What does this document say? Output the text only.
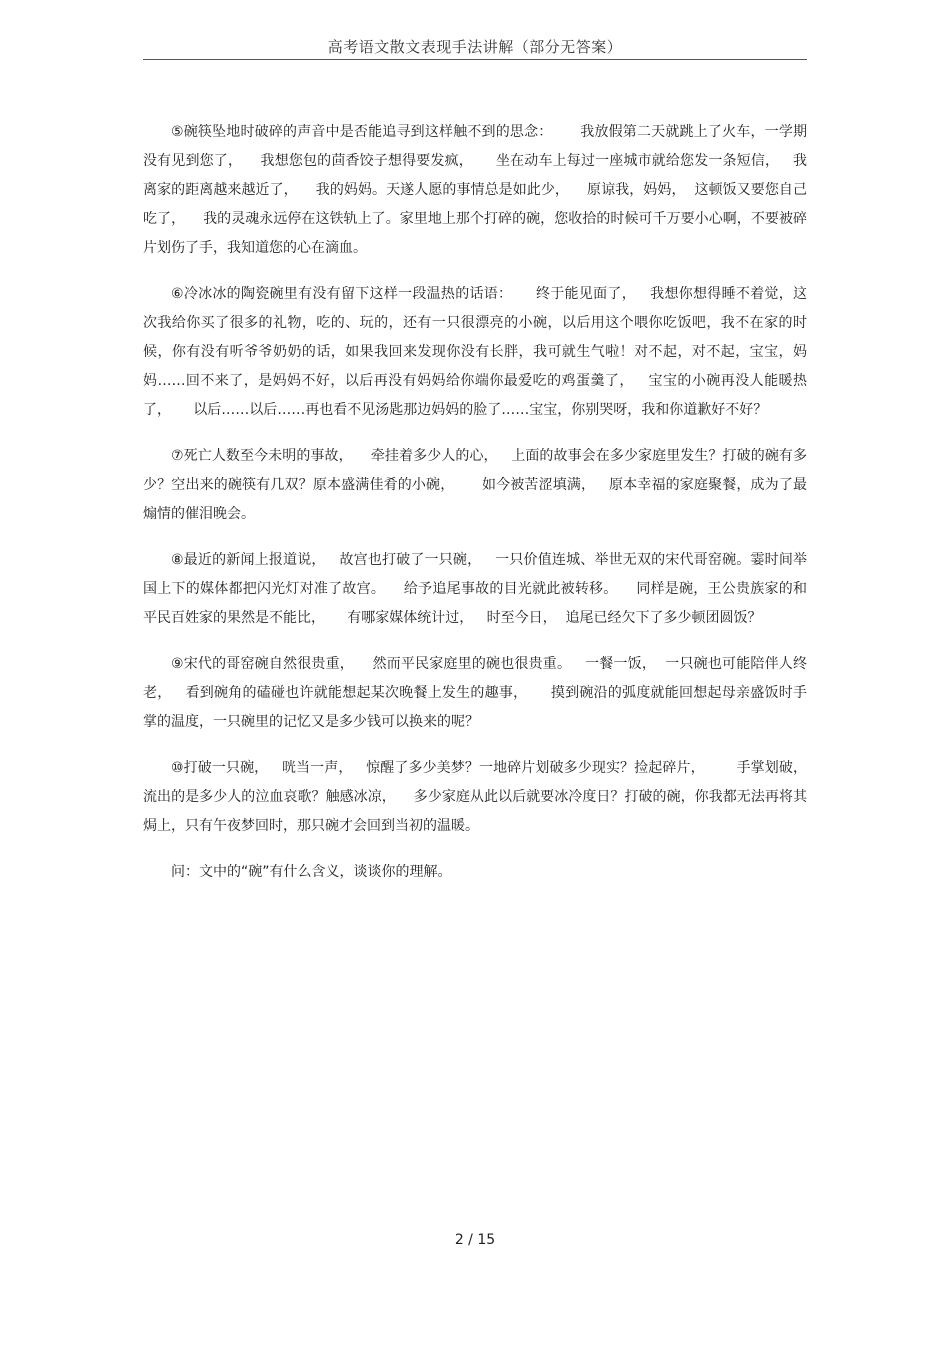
高考语文散文表现手法讲解（部分无答案）

⑤碗筷坠地时破碎的声音中是否能追寻到这样触不到的思念：      我放假第二天就跳上了火车，一学期没有见到您了，    我想您包的茴香饺子想得要发疯，     坐在动车上每过一座城市就给您发一条短信，   我离家的距离越来越近了，    我的妈妈。天遂人愿的事情总是如此少，    原谅我，妈妈，  这顿饭又要您自己吃了，    我的灵魂永远停在这铁轨上了。家里地上那个打碎的碗，您收拾的时候可千万要小心啊，不要被碎片划伤了手，我知道您的心在滴血。

⑥冷冰冰的陶瓷碗里有没有留下这样一段温热的话语：     终于能见面了，   我想你想得睡不着觉，这次我给你买了很多的礼物，吃的、玩的，还有一只很漂亮的小碗，以后用这个喂你吃饭吧，我不在家的时候，你有没有听爷爷奶奶的话，如果我回来发现你没有长胖，我可就生气啦！对不起，对不起，宝宝，妈妈……回不来了，是妈妈不好，以后再没有妈妈给你端你最爱吃的鸡蛋羹了，   宝宝的小碗再没人能暖热了，     以后……以后……再也看不见汤匙那边妈妈的脸了……宝宝，你别哭呀，我和你道歉好不好？

⑦死亡人数至今未明的事故，    牵挂着多少人的心，   上面的故事会在多少家庭里发生？打破的碗有多少？空出来的碗筷有几双？原本盛满佳肴的小碗，      如今被苦涩填满，   原本幸福的家庭聚餐，成为了最煽情的催泪晚会。

⑧最近的新闻上报道说，   故宫也打破了一只碗，   一只价值连城、举世无双的宋代哥窑碗。霎时间举国上下的媒体都把闪光灯对准了故宫。    给予追尾事故的目光就此被转移。    同样是碗，王公贵族家的和平民百姓家的果然是不能比，     有哪家媒体统计过，   时至今日，  追尾已经欠下了多少顿团圆饭？

⑨宋代的哥窑碗自然很贵重，    然而平民家庭里的碗也很贵重。   一餐一饭，  一只碗也可能陪伴人终老，   看到碗角的磕碰也许就能想起某次晚餐上发生的趣事，     摸到碗沿的弧度就能回想起母亲盛饭时手掌的温度，一只碗里的记忆又是多少钱可以换来的呢？

⑩打破一只碗，   咣当一声，   惊醒了多少美梦？一地碎片划破多少现实？捡起碎片，       手掌划破，流出的是多少人的泣血哀歌？触感冰凉，    多少家庭从此以后就要冰冷度日？打破的碗，你我都无法再将其焗上，只有午夜梦回时，那只碗才会回到当初的温暖。

问：文中的“碗”有什么含义，谈谈你的理解。

2 / 15
